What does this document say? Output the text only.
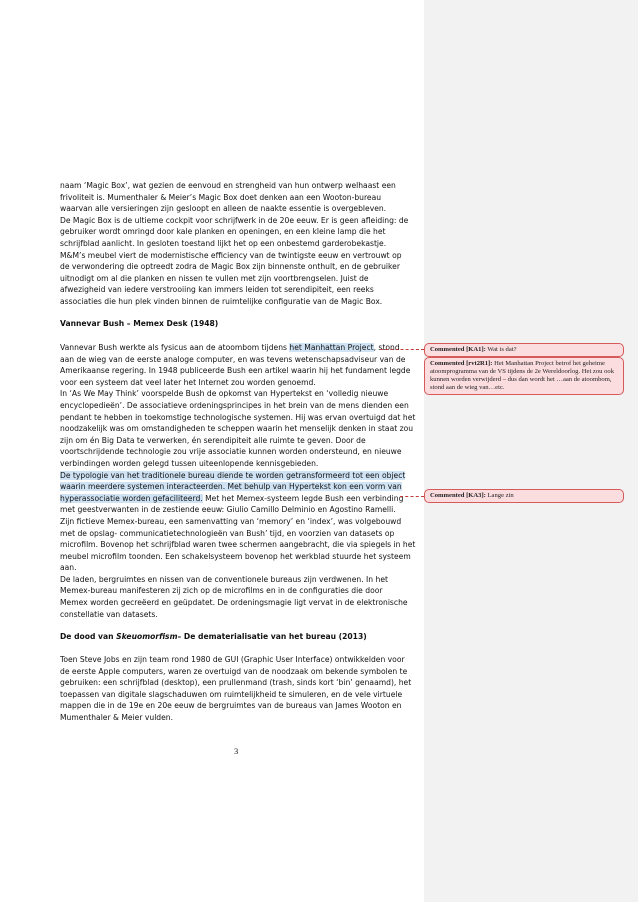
naam ‘Magic Box’, wat gezien de eenvoud en strengheid van hun ontwerp welhaast een
frivoliteit is. Mumenthaler & Meier’s Magic Box doet denken aan een Wooton-bureau
waarvan alle versieringen zijn gesloopt en alleen de naakte essentie is overgebleven.
De Magic Box is de ultieme cockpit voor schrijfwerk in de 20e eeuw. Er is geen afleiding: de
gebruiker wordt omringd door kale planken en openingen, en een kleine lamp die het
schrijfblad aanlicht. In gesloten toestand lijkt het op een onbestemd garderobekastje.
M&M’s meubel viert de modernistische efficiency van de twintigste eeuw en vertrouwt op
de verwondering die optreedt zodra de Magic Box zijn binnenste onthult, en de gebruiker
uitnodigt om al die planken en nissen te vullen met zijn voortbrengselen. Juist de
afwezigheid van iedere verstrooiing kan immers leiden tot serendipiteit, een reeks
associaties die hun plek vinden binnen de ruimtelijke configuratie van de Magic Box.
Vannevar Bush – Memex Desk (1948)
Vannevar Bush werkte als fysicus aan de atoombom tijdens het Manhattan Project, stond
aan de wieg van de eerste analoge computer, en was tevens wetenschapsadviseur van de
Amerikaanse regering. In 1948 publiceerde Bush een artikel waarin hij het fundament legde
voor een systeem dat veel later het Internet zou worden genoemd.
In ‘As We May Think’ voorspelde Bush de opkomst van Hypertekst en ‘volledig nieuwe
encyclopedieën’. De associatieve ordeningsprincipes in het brein van de mens dienden een
pendant te hebben in toekomstige technologische systemen. Hij was ervan overtuigd dat het
noodzakelijk was om omstandigheden te scheppen waarin het menselijk denken in staat zou
zijn om én Big Data te verwerken, én serendipiteit alle ruimte te geven. Door de
voortschrijdende technologie zou vrije associatie kunnen worden ondersteund, en nieuwe
verbindingen worden gelegd tussen uiteenlopende kennisgebieden.
De typologie van het traditionele bureau diende te worden getransformeerd tot een object
waarin meerdere systemen interacteerden. Met behulp van Hypertekst kon een vorm van
hyperassociatie worden gefaciliteerd. Met het Memex-systeem legde Bush een verbinding
met geestverwanten in de zestiende eeuw: Giulio Camillo Delminio en Agostino Ramelli.
Zijn fictieve Memex-bureau, een samenvatting van ‘memory’ en ‘index’, was volgebouwd
met de opslag- communicatietechnologieën van Bush’ tijd, en voorzien van datasets op
microfilm. Bovenop het schrijfblad waren twee schermen aangebracht, die via spiegels in het
meubel microfilm toonden. Een schakelsysteem bovenop het werkblad stuurde het systeem
aan.
De laden, bergruimtes en nissen van de conventionele bureaus zijn verdwenen. In het
Memex-bureau manifesteren zij zich op de microfilms en in de configuraties die door
Memex worden gecreëerd en geüpdatet. De ordeningsmagie ligt vervat in de elektronische
constellatie van datasets.
De dood van Skeuomorfism– De dematerialisatie van het bureau (2013)
Toen Steve Jobs en zijn team rond 1980 de GUI (Graphic User Interface) ontwikkelden voor
de eerste Apple computers, waren ze overtuigd van de noodzaak om bekende symbolen te
gebruiken: een schrijfblad (desktop), een prullenmand (trash, sinds kort ‘bin’ genaamd), het
toepassen van digitale slagschaduwen om ruimtelijkheid te simuleren, en de vele virtuele
mappen die in de 19e en 20e eeuw de bergruimtes van de bureaus van James Wooton en
Mumenthaler & Meier vulden.
3
Commented [KA1]: Wat is dat?
Commented [rvt2R1]: Het Manhattan Project betrof het geheime atoomprogramma van de VS tijdens de 2e Wereldoorlog. Het zou ook kunnen worden verwijderd – dus dan wordt het …aan de atoombom, stond aan de wieg van…etc.
Commented [KA3]: Lange zin
